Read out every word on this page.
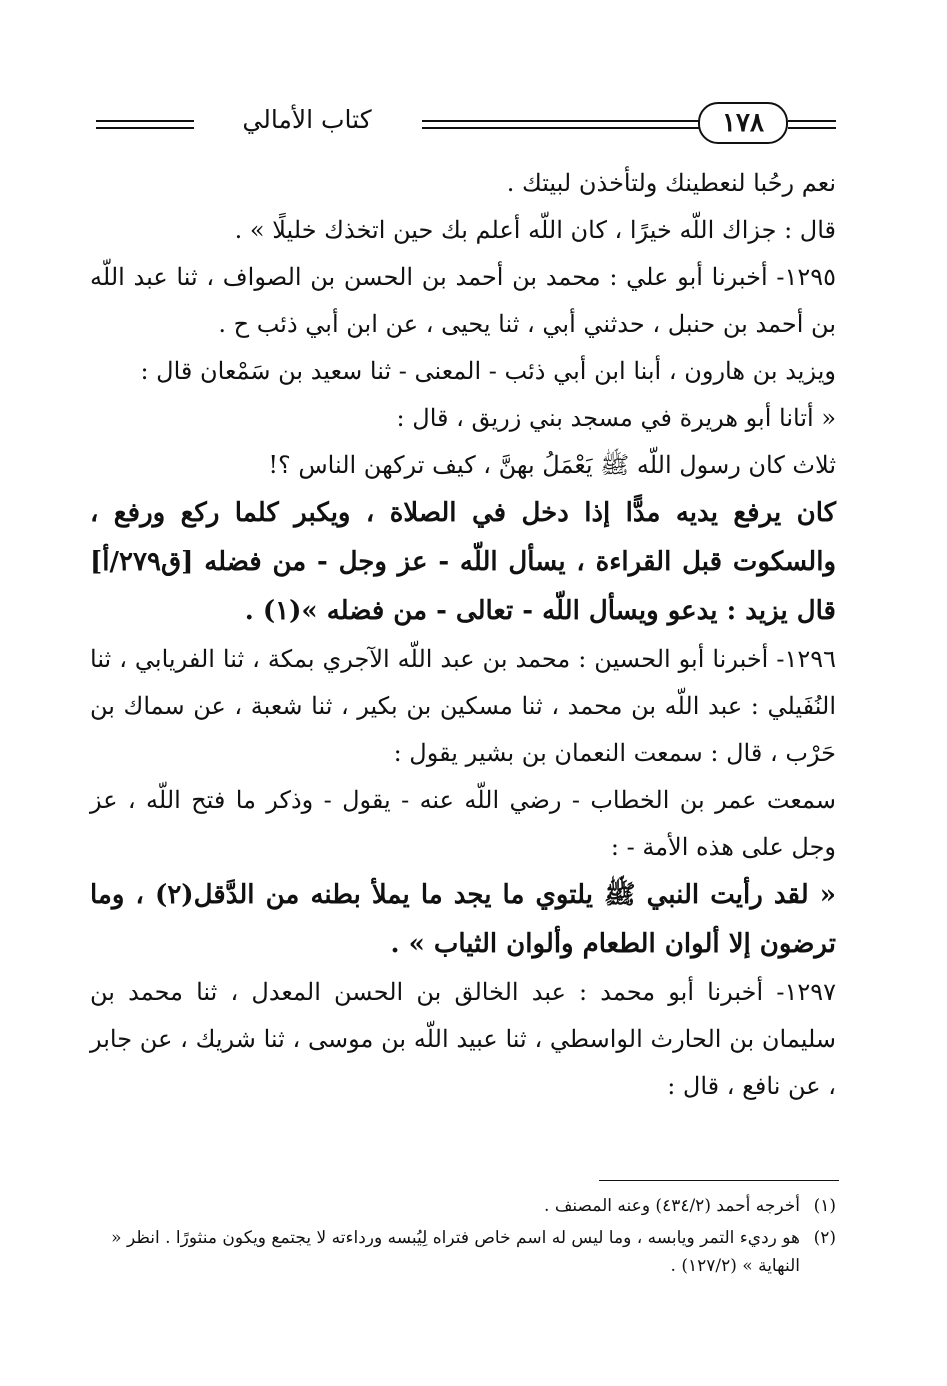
١٧٨
كتاب الأمالي

نعم رحُبا لنعطينك ولتأخذن لبيتك .

قال : جزاك اللّه خيرًا ، كان اللّه أعلم بك حين اتخذك خليلًا » .

١٢٩٥- أخبرنا أبو علي : محمد بن أحمد بن الحسن بن الصواف ، ثنا عبد اللّه بن أحمد بن حنبل ، حدثني أبي ، ثنا يحيى ، عن ابن أبي ذئب ح .

ويزيد بن هارون ، أبنا ابن أبي ذئب - المعنى - ثنا سعيد بن سَمْعان قال :

« أتانا أبو هريرة في مسجد بني زريق ، قال :

ثلاث كان رسول اللّه ﷺ يَعْمَلُ بهنَّ ، كيف تركهن الناس ؟!

كان يرفع يديه مدًّا إذا دخل في الصلاة ، ويكبر كلما ركع ورفع ، والسكوت قبل القراءة ، يسأل اللّه - عز وجل - من فضله [ق٢٧٩/أ] قال يزيد : يدعو ويسأل اللّه - تعالى - من فضله »(١) .

١٢٩٦- أخبرنا أبو الحسين : محمد بن عبد اللّه الآجري بمكة ، ثنا الفريابي ، ثنا النُفَيلي : عبد اللّه بن محمد ، ثنا مسكين بن بكير ، ثنا شعبة ، عن سماك بن حَرْب ، قال : سمعت النعمان بن بشير يقول :

سمعت عمر بن الخطاب - رضي اللّه عنه - يقول - وذكر ما فتح اللّه ، عز وجل على هذه الأمة - :

« لقد رأيت النبي ﷺ يلتوي ما يجد ما يملأ بطنه من الدَّقل(٢) ، وما ترضون إلا ألوان الطعام وألوان الثياب » .

١٢٩٧- أخبرنا أبو محمد : عبد الخالق بن الحسن المعدل ، ثنا محمد بن سليمان بن الحارث الواسطي ، ثنا عبيد اللّه بن موسى ، ثنا شريك ، عن جابر ، عن نافع ، قال :

(١)
أخرجه أحمد (٤٣٤/٢) وعنه المصنف .
(٢)
هو رديء التمر ويابسه ، وما ليس له اسم خاص فتراه لِيُبسه ورداءته لا يجتمع ويكون منثورًا . انظر « النهاية » (١٢٧/٢) .
